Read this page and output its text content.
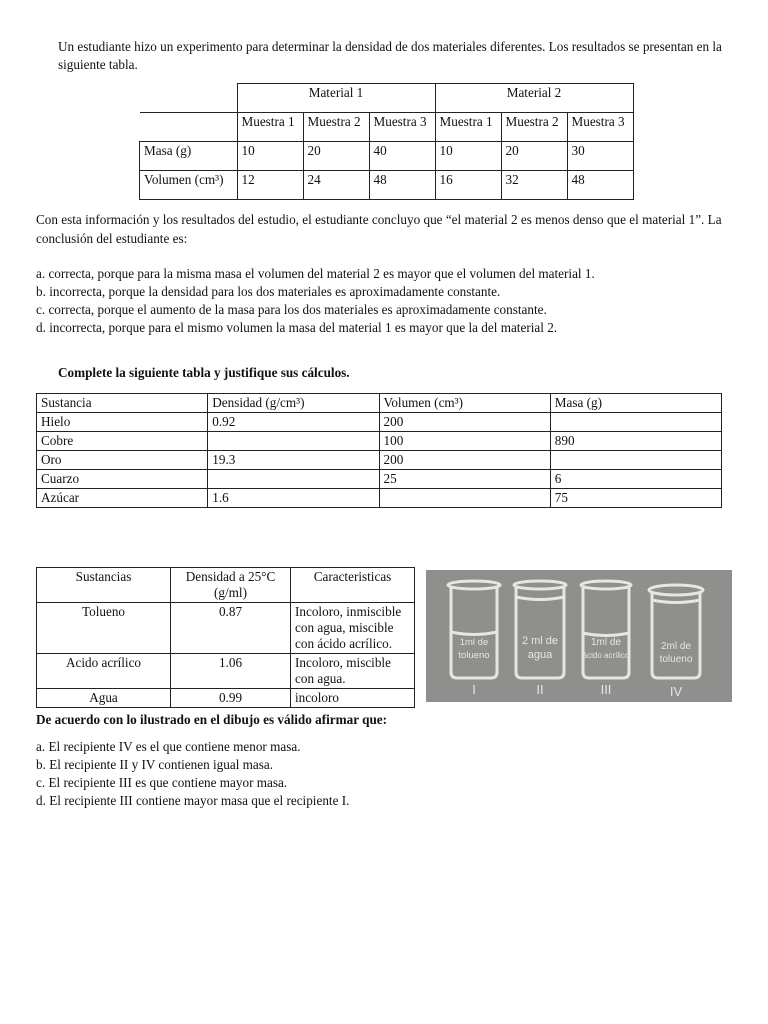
Un estudiante hizo un experimento para determinar la densidad de dos materiales diferentes. Los resultados se presentan en la siguiente tabla.

	Material 1			Material 2		
	Muestra 1	Muestra 2	Muestra 3	Muestra 1	Muestra 2	Muestra 3
Masa (g)	10	20	40	10	20	30
Volumen (cm³)	12	24	48	16	32	48

Con esta información y los resultados del estudio, el estudiante concluyo que “el material 2 es menos denso que el material 1”. La conclusión del estudiante es:

a. correcta, porque para la misma masa el volumen del material 2 es mayor que el volumen del material 1.

b. incorrecta, porque la densidad para los dos materiales es aproximadamente constante.

c. correcta, porque el aumento de la masa para los dos materiales es aproximadamente constante.

d. incorrecta, porque para el mismo volumen la masa del material 1 es mayor que la del material 2.

Complete la siguiente tabla y justifique sus cálculos.

Sustancia	Densidad (g/cm³)	Volumen (cm³)	Masa (g)
Hielo	0.92	200	
Cobre		100	890
Oro	19.3	200	
Cuarzo		25	6
Azúcar	1.6		75
Sustancias	Densidad a 25°C (g/ml)	Caracteristicas
Tolueno	0.87	Incoloro, inmiscible con agua, miscible con ácido acrílico.
Acido acrílico	1.06	Incoloro, miscible con agua.
Agua	0.99	incoloro
1ml de
tolueno
I
2 ml de
agua
II
1ml de
ácido acrílico
III
2ml de
tolueno
IV

De acuerdo con lo ilustrado en el dibujo es válido afirmar que:

a. El recipiente IV es el que contiene menor masa.

b. El recipiente II y IV contienen igual masa.

c. El recipiente III es que contiene mayor masa.

d. El recipiente III contiene mayor masa que el recipiente I.
